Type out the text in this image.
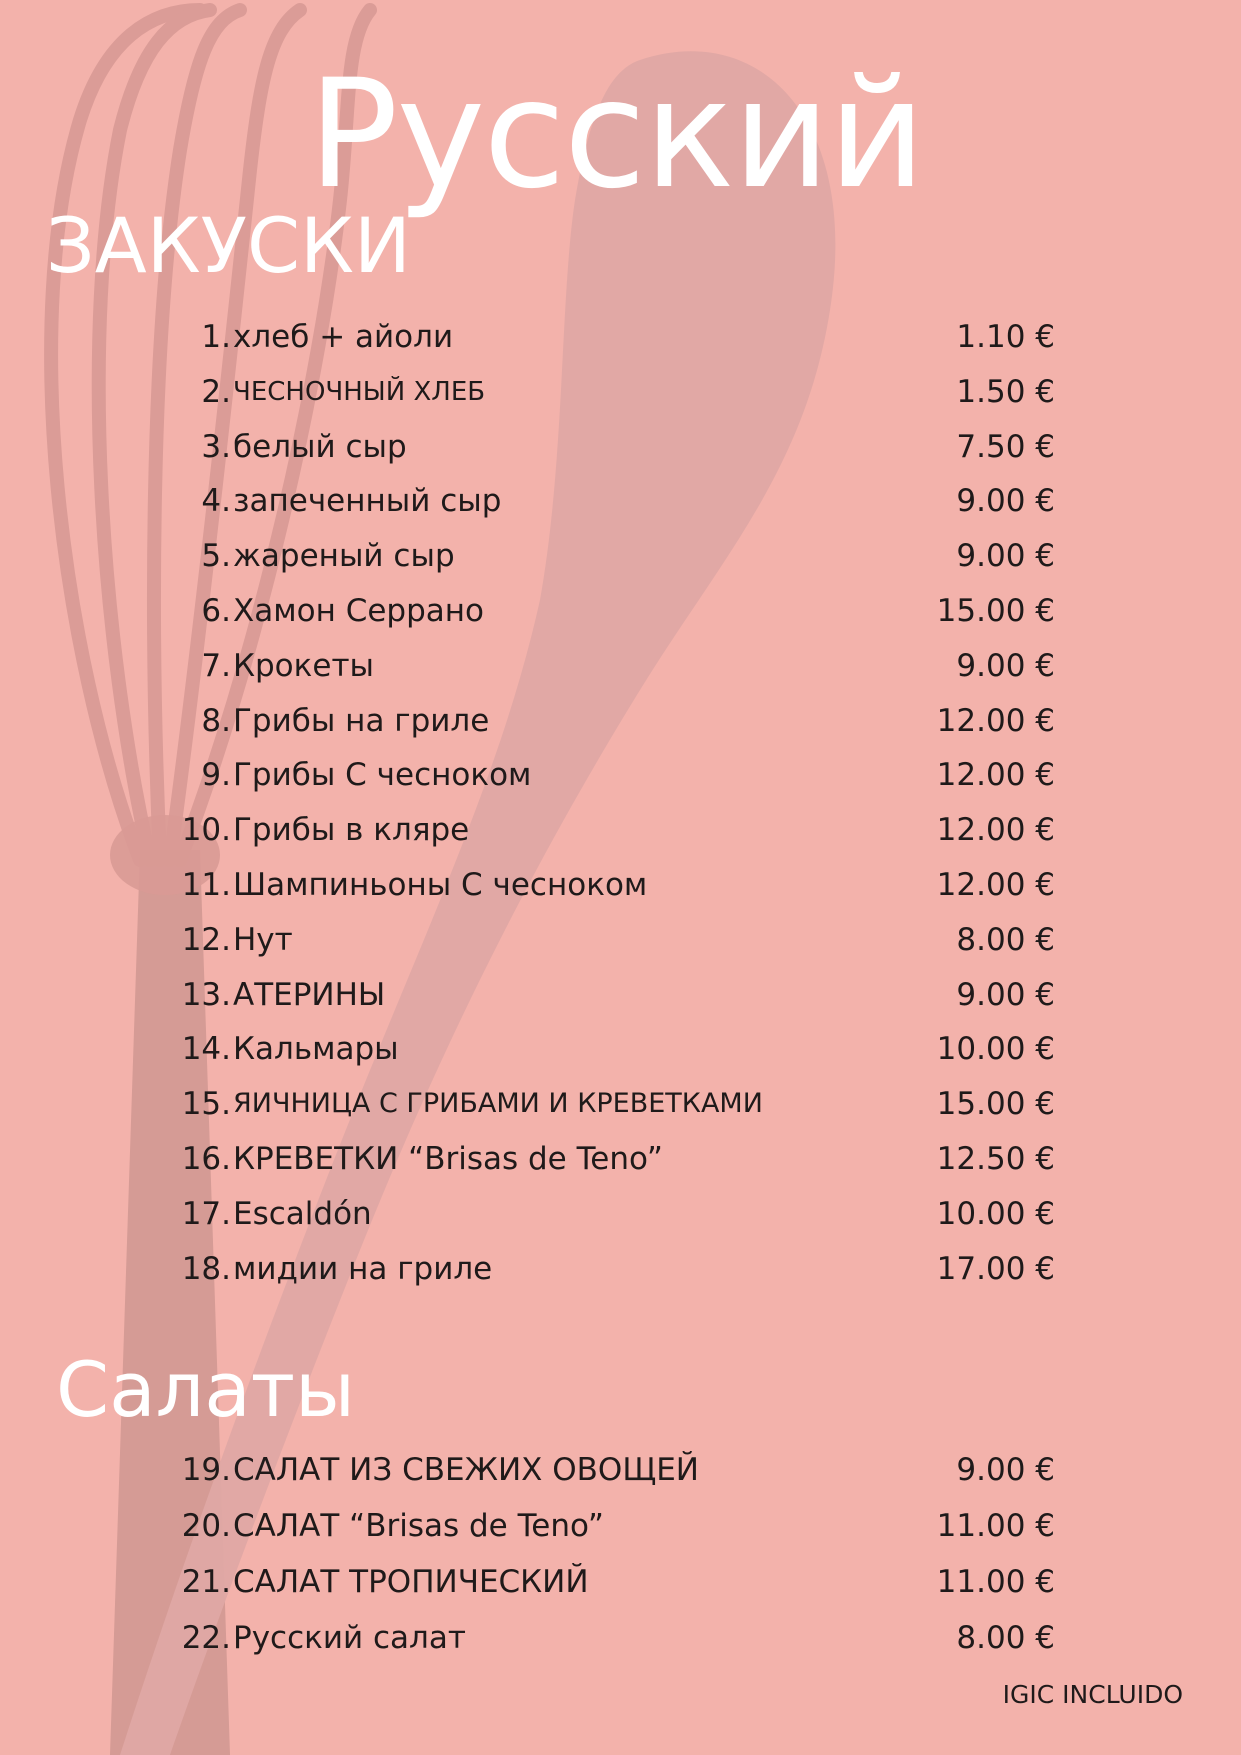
Русский
ЗАКУСКИ
1. хлеб + айоли	1.10 €
2. ЧЕСНОЧНЫЙ ХЛЕБ	1.50 €
3. белый сыр	7.50 €
4. запеченный сыр	9.00 €
5. жареный сыр	9.00 €
6. Хамон Серрано	15.00 €
7. Крокеты	9.00 €
8. Грибы на гриле	12.00 €
9. Грибы С чесноком	12.00 €
10. Грибы в кляре	12.00 €
11. Шампиньоны С чесноком	12.00 €
12. Нут	8.00 €
13. АТЕРИНЫ	9.00 €
14. Кальмары	10.00 €
15. ЯИЧНИЦА С ГРИБАМИ И КРЕВЕТКАМИ	15.00 €
16. КРЕВЕТКИ “Brisas de Teno”	12.50 €
17. Escaldón	10.00 €
18. мидии на гриле	17.00 €
Салаты
19. САЛАТ ИЗ СВЕЖИХ ОВОЩЕЙ	9.00 €
20. САЛАТ “Brisas de Teno”	11.00 €
21. САЛАТ ТРОПИЧЕСКИЙ	11.00 €
22. Русский салат	8.00 €
IGIC INCLUIDO
